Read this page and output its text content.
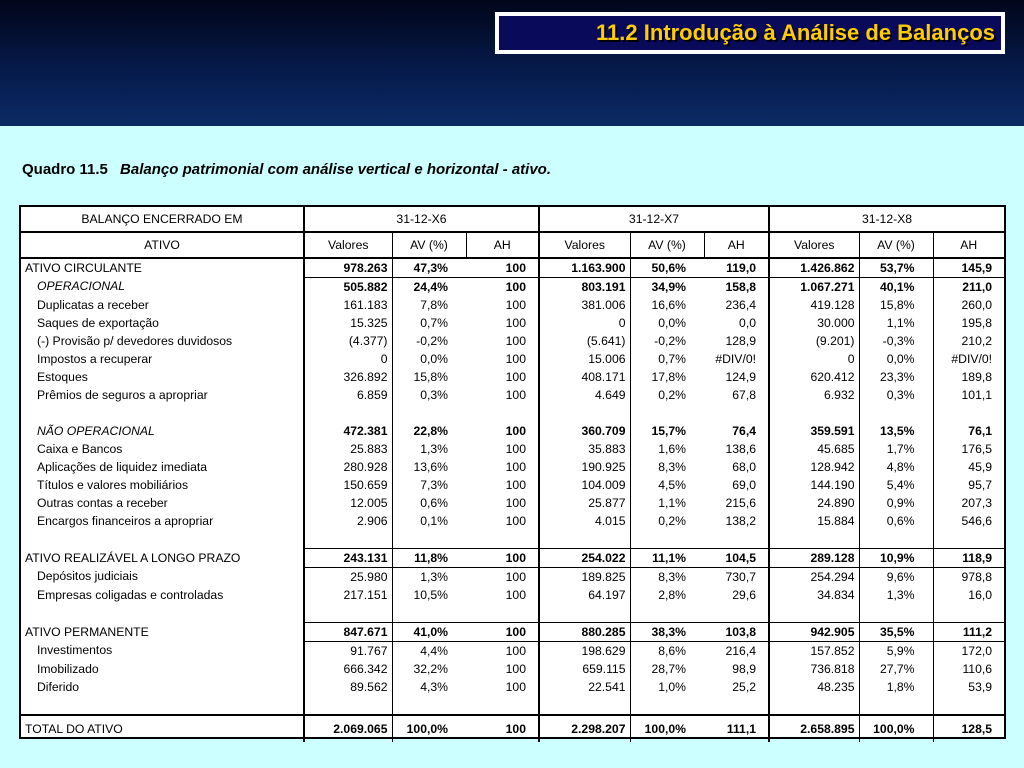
11.2 Introdução à Análise de Balanços
Quadro 11.5 Balanço patrimonial com análise vertical e horizontal - ativo.
BALANÇO ENCERRADO EM	31-12-X6			31-12-X7			31-12-X8		
ATIVO	Valores	AV (%)	AH	Valores	AV (%)	AH	Valores	AV (%)	AH
ATIVO CIRCULANTE	978.263	47,3%	100	1.163.900	50,6%	119,0	1.426.862	53,7%	145,9
OPERACIONAL	505.882	24,4%	100	803.191	34,9%	158,8	1.067.271	40,1%	211,0
Duplicatas a receber	161.183	7,8%	100	381.006	16,6%	236,4	419.128	15,8%	260,0
Saques de exportação	15.325	0,7%	100	0	0,0%	0,0	30.000	1,1%	195,8
(-) Provisão p/ devedores duvidosos	(4.377)	-0,2%	100	(5.641)	-0,2%	128,9	(9.201)	-0,3%	210,2
Impostos a recuperar	0	0,0%	100	15.006	0,7%	#DIV/0!	0	0,0%	#DIV/0!
Estoques	326.892	15,8%	100	408.171	17,8%	124,9	620.412	23,3%	189,8
Prêmios de seguros a apropriar	6.859	0,3%	100	4.649	0,2%	67,8	6.932	0,3%	101,1

NÃO OPERACIONAL	472.381	22,8%	100	360.709	15,7%	76,4	359.591	13,5%	76,1
Caixa e Bancos	25.883	1,3%	100	35.883	1,6%	138,6	45.685	1,7%	176,5
Aplicações de liquidez imediata	280.928	13,6%	100	190.925	8,3%	68,0	128.942	4,8%	45,9
Títulos e valores mobiliários	150.659	7,3%	100	104.009	4,5%	69,0	144.190	5,4%	95,7
Outras contas a receber	12.005	0,6%	100	25.877	1,1%	215,6	24.890	0,9%	207,3
Encargos financeiros a apropriar	2.906	0,1%	100	4.015	0,2%	138,2	15.884	0,6%	546,6

ATIVO REALIZÁVEL A LONGO PRAZO	243.131	11,8%	100	254.022	11,1%	104,5	289.128	10,9%	118,9
Depósitos judiciais	25.980	1,3%	100	189.825	8,3%	730,7	254.294	9,6%	978,8
Empresas coligadas e controladas	217.151	10,5%	100	64.197	2,8%	29,6	34.834	1,3%	16,0

ATIVO PERMANENTE	847.671	41,0%	100	880.285	38,3%	103,8	942.905	35,5%	111,2
Investimentos	91.767	4,4%	100	198.629	8,6%	216,4	157.852	5,9%	172,0
Imobilizado	666.342	32,2%	100	659.115	28,7%	98,9	736.818	27,7%	110,6
Diferido	89.562	4,3%	100	22.541	1,0%	25,2	48.235	1,8%	53,9

TOTAL DO ATIVO	2.069.065	100,0%	100	2.298.207	100,0%	111,1	2.658.895	100,0%	128,5
